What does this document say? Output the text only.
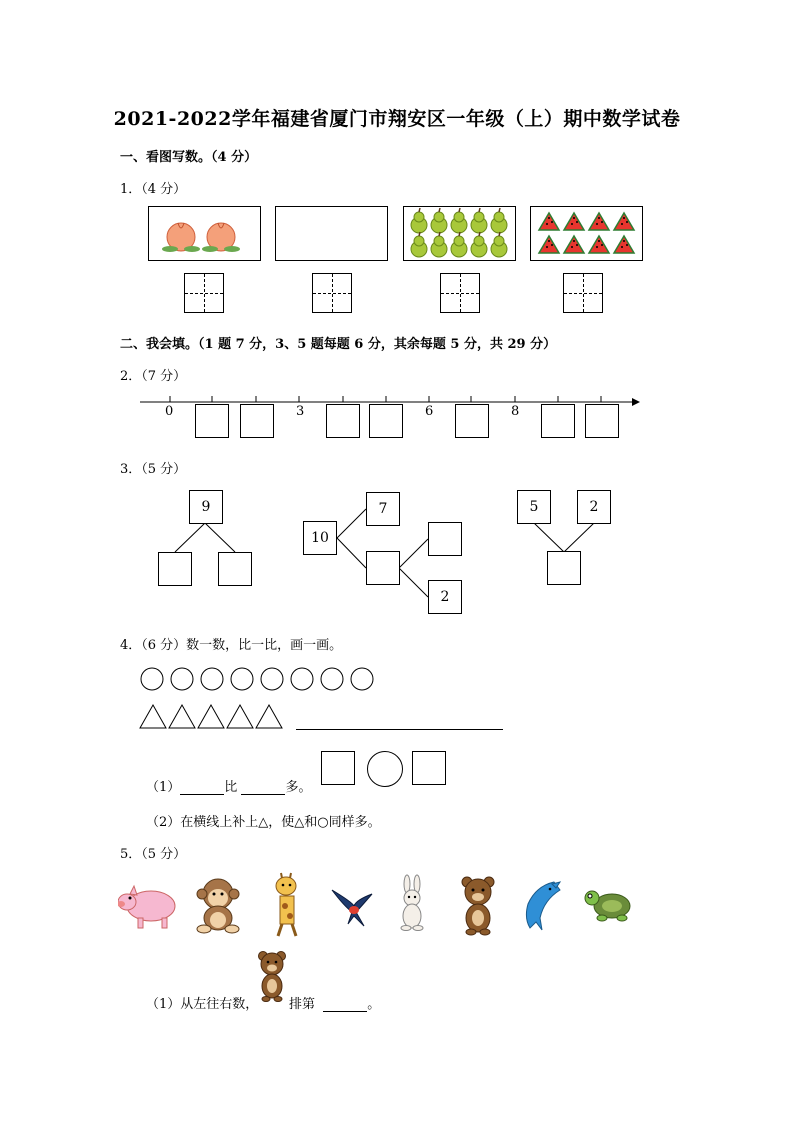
2021-2022学年福建省厦门市翔安区一年级（上）期中数学试卷
一、看图写数。（4 分）
1．（4 分）
二、我会填。（1 题 7 分，3、5 题每题 6 分，其余每题 5 分，共 29 分）
2．（7 分）
0	3	6	8
3．（5 分）
9
10
7
2
5	2
4．（6 分）数一数，比一比，画一画。
（1）	比	多。
（2）在横线上补上△，使△和○同样多。
5．（5 分）
（1）从左往右数， 排第	。
